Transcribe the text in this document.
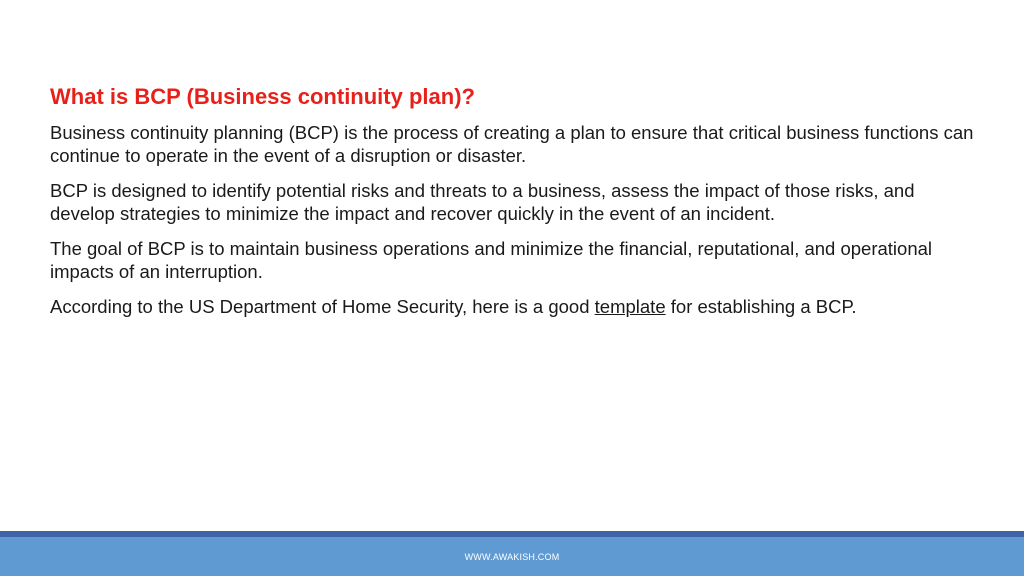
What is BCP (Business continuity plan)?

Business continuity planning (BCP) is the process of creating a plan to ensure that critical business functions can continue to operate in the event of a disruption or disaster.

BCP is designed to identify potential risks and threats to a business, assess the impact of those risks, and develop strategies to minimize the impact and recover quickly in the event of an incident.

The goal of BCP is to maintain business operations and minimize the financial, reputational, and operational impacts of an interruption.

According to the US Department of Home Security, here is a good template for establishing a BCP.

WWW.AWAKISH.COM
